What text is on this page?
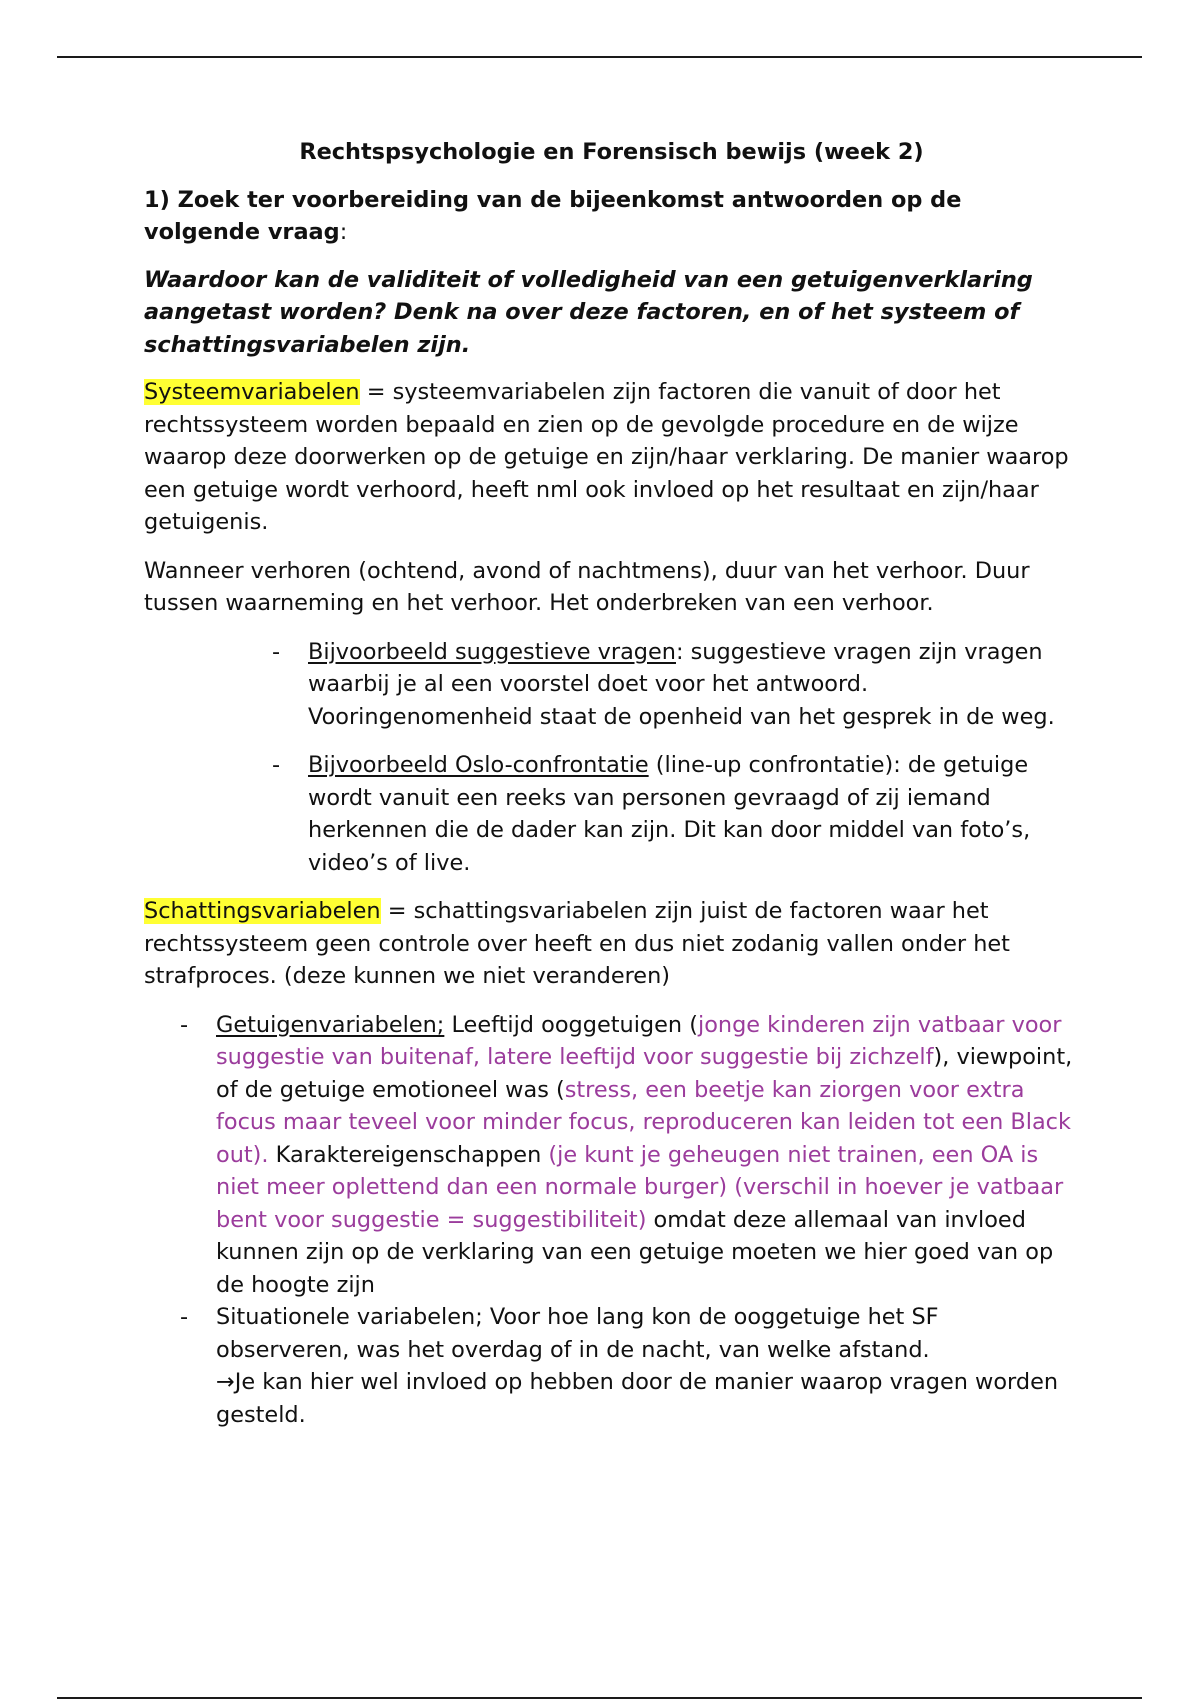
Rechtspsychologie en Forensisch bewijs (week 2)

1) Zoek ter voorbereiding van de bijeenkomst antwoorden op de volgende vraag:

Waardoor kan de validiteit of volledigheid van een getuigenverklaring aangetast worden? Denk na over deze factoren, en of het systeem of schattingsvariabelen zijn.

Systeemvariabelen = systeemvariabelen zijn factoren die vanuit of door het rechtssysteem worden bepaald en zien op de gevolgde procedure en de wijze waarop deze doorwerken op de getuige en zijn/haar verklaring. De manier waarop een getuige wordt verhoord, heeft nml ook invloed op het resultaat en zijn/haar getuigenis.

Wanneer verhoren (ochtend, avond of nachtmens), duur van het verhoor. Duur tussen waarneming en het verhoor. Het onderbreken van een verhoor.

- Bijvoorbeeld suggestieve vragen: suggestieve vragen zijn vragen waarbij je al een voorstel doet voor het antwoord. Vooringenomenheid staat de openheid van het gesprek in de weg.
- Bijvoorbeeld Oslo-confrontatie (line-up confrontatie): de getuige wordt vanuit een reeks van personen gevraagd of zij iemand herkennen die de dader kan zijn. Dit kan door middel van foto’s, video’s of live.

Schattingsvariabelen = schattingsvariabelen zijn juist de factoren waar het rechtssysteem geen controle over heeft en dus niet zodanig vallen onder het strafproces. (deze kunnen we niet veranderen)

- Getuigenvariabelen; Leeftijd ooggetuigen (jonge kinderen zijn vatbaar voor suggestie van buitenaf, latere leeftijd voor suggestie bij zichzelf), viewpoint, of de getuige emotioneel was (stress, een beetje kan ziorgen voor extra focus maar teveel voor minder focus, reproduceren kan leiden tot een Black out). Karaktereigenschappen (je kunt je geheugen niet trainen, een OA is niet meer oplettend dan een normale burger) (verschil in hoever je vatbaar bent voor suggestie = suggestibiliteit) omdat deze allemaal van invloed kunnen zijn op de verklaring van een getuige moeten we hier goed van op de hoogte zijn
- Situationele variabelen; Voor hoe lang kon de ooggetuige het SF observeren, was het overdag of in de nacht, van welke afstand.
→Je kan hier wel invloed op hebben door de manier waarop vragen worden gesteld.
